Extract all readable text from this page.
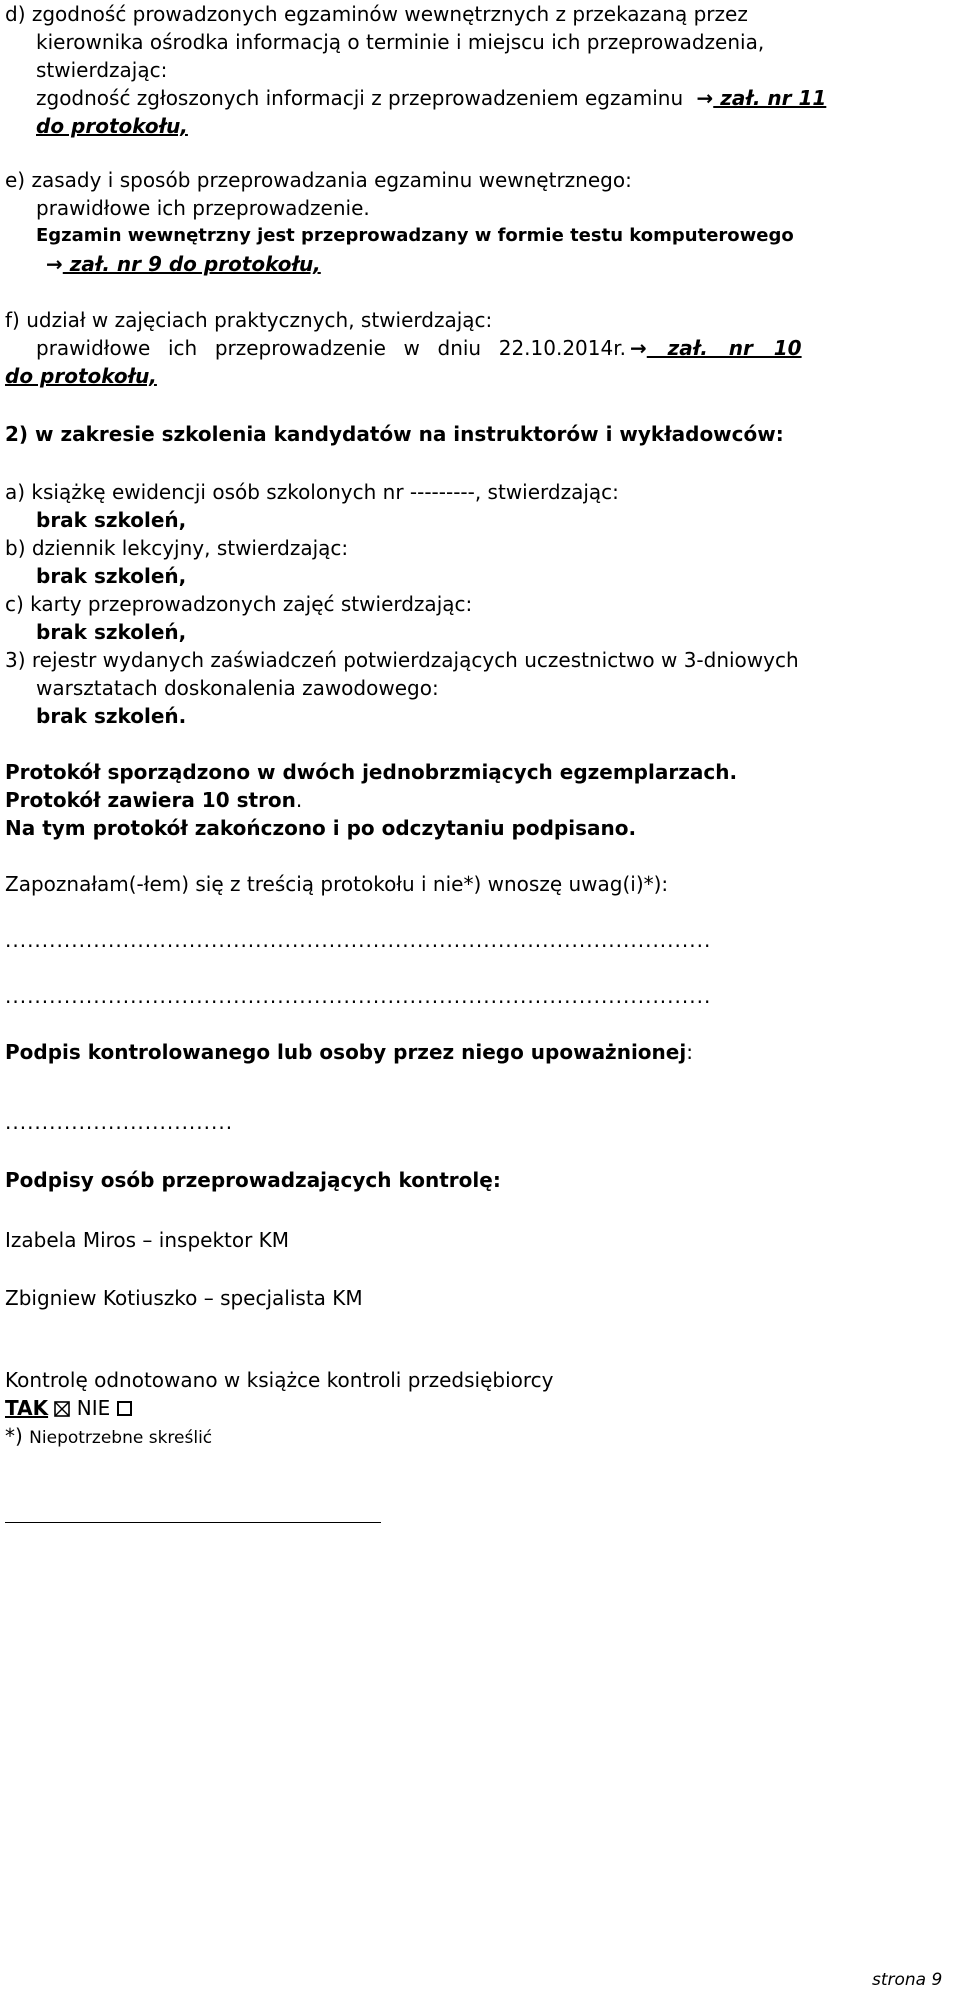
d) zgodność prowadzonych egzaminów wewnętrznych z przekazaną przez

kierownika ośrodka informacją o terminie i miejscu ich przeprowadzenia,

stwierdzając:

zgodność zgłoszonych informacji z przeprowadzeniem egzaminu  → zał. nr 11

do protokołu,

e) zasady i sposób przeprowadzania egzaminu wewnętrznego:

prawidłowe ich przeprowadzenie.

Egzamin wewnętrzny jest przeprowadzany w formie testu komputerowego

→ zał. nr 9 do protokołu,

f) udział w zajęciach praktycznych, stwierdzając:

prawidłowe ich przeprowadzenie w dniu 22.10.2014r. →   zał.   nr   10

do protokołu,

2) w zakresie szkolenia kandydatów na instruktorów i wykładowców:

a) książkę ewidencji osób szkolonych nr ---------, stwierdzając:

brak szkoleń,

b) dziennik lekcyjny, stwierdzając:

brak szkoleń,

c) karty przeprowadzonych zajęć stwierdzając:

brak szkoleń,

3) rejestr wydanych zaświadczeń potwierdzających uczestnictwo w 3-dniowych

warsztatach doskonalenia zawodowego:

brak szkoleń.

Protokół sporządzono w dwóch jednobrzmiących egzemplarzach.

Protokół zawiera 10 stron.

Na tym protokół zakończono i po odczytaniu podpisano.

Zapoznałam(-łem) się z treścią protokołu i nie*) wnoszę uwag(i)*):

................................................................................................

................................................................................................

Podpis kontrolowanego lub osoby przez niego upoważnionej:

...............................

Podpisy osób przeprowadzających kontrolę:

Izabela Miros – inspektor KM

Zbigniew Kotiuszko – specjalista KM

Kontrolę odnotowano w książce kontroli przedsiębiorcy

TAK NIE

*) Niepotrzebne skreślić

strona 9
